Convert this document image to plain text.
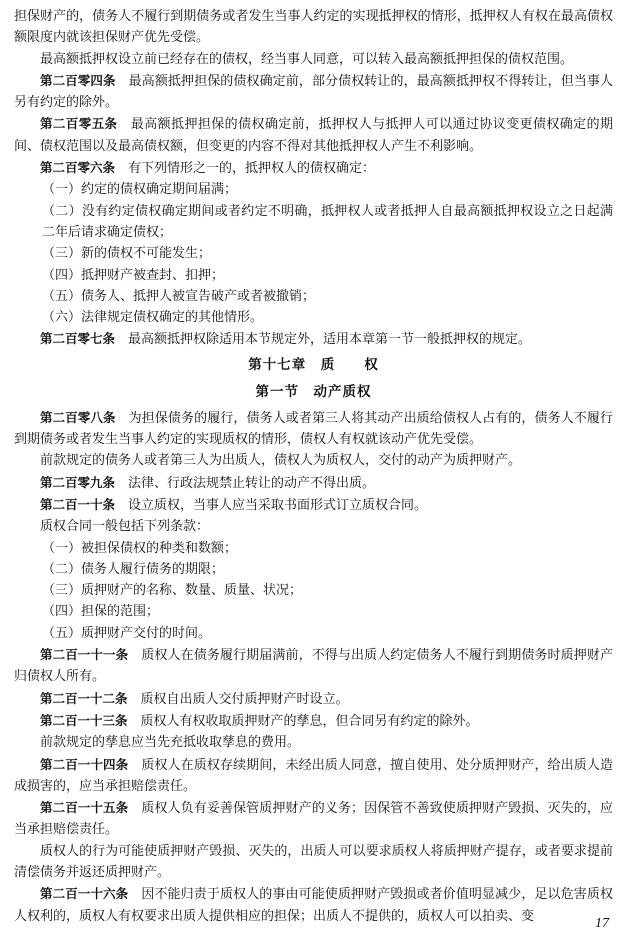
担保财产的，债务人不履行到期债务或者发生当事人约定的实现抵押权的情形，抵押权人有权在最高债权额限度内就该担保财产优先受偿。

最高额抵押权设立前已经存在的债权，经当事人同意，可以转入最高额抵押担保的债权范围。

第二百零四条　 最高额抵押担保的债权确定前，部分债权转让的，最高额抵押权不得转让，但当事人另有约定的除外。

第二百零五条　 最高额抵押担保的债权确定前，抵押权人与抵押人可以通过协议变更债权确定的期间、债权范围以及最高债权额，但变更的内容不得对其他抵押权人产生不利影响。

第二百零六条　 有下列情形之一的，抵押权人的债权确定：

（一）约定的债权确定期间届满；

（二）没有约定债权确定期间或者约定不明确，抵押权人或者抵押人自最高额抵押权设立之日起满二年后请求确定债权；

（三）新的债权不可能发生；

（四）抵押财产被查封、扣押；

（五）债务人、抵押人被宣告破产或者被撤销；

（六）法律规定债权确定的其他情形。

第二百零七条　 最高额抵押权除适用本节规定外，适用本章第一节一般抵押权的规定。

第十七章　质　　权
第一节　动产质权

第二百零八条　 为担保债务的履行，债务人或者第三人将其动产出质给债权人占有的，债务人不履行到期债务或者发生当事人约定的实现质权的情形，债权人有权就该动产优先受偿。

前款规定的债务人或者第三人为出质人，债权人为质权人，交付的动产为质押财产。

第二百零九条　 法律、行政法规禁止转让的动产不得出质。

第二百一十条　 设立质权，当事人应当采取书面形式订立质权合同。

质权合同一般包括下列条款：

（一）被担保债权的种类和数额；

（二）债务人履行债务的期限；

（三）质押财产的名称、数量、质量、状况；

（四）担保的范围；

（五）质押财产交付的时间。

第二百一十一条　 质权人在债务履行期届满前，不得与出质人约定债务人不履行到期债务时质押财产归债权人所有。

第二百一十二条　 质权自出质人交付质押财产时设立。

第二百一十三条　 质权人有权收取质押财产的孳息，但合同另有约定的除外。

前款规定的孳息应当先充抵收取孳息的费用。

第二百一十四条　 质权人在质权存续期间，未经出质人同意，擅自使用、处分质押财产，给出质人造成损害的，应当承担赔偿责任。

第二百一十五条　 质权人负有妥善保管质押财产的义务；因保管不善致使质押财产毁损、灭失的，应当承担赔偿责任。

质权人的行为可能使质押财产毁损、灭失的，出质人可以要求质权人将质押财产提存，或者要求提前清偿债务并返还质押财产。

第二百一十六条　 因不能归责于质权人的事由可能使质押财产毁损或者价值明显减少，足以危害质权人权利的，质权人有权要求出质人提供相应的担保；出质人不提供的，质权人可以拍卖、变	17
